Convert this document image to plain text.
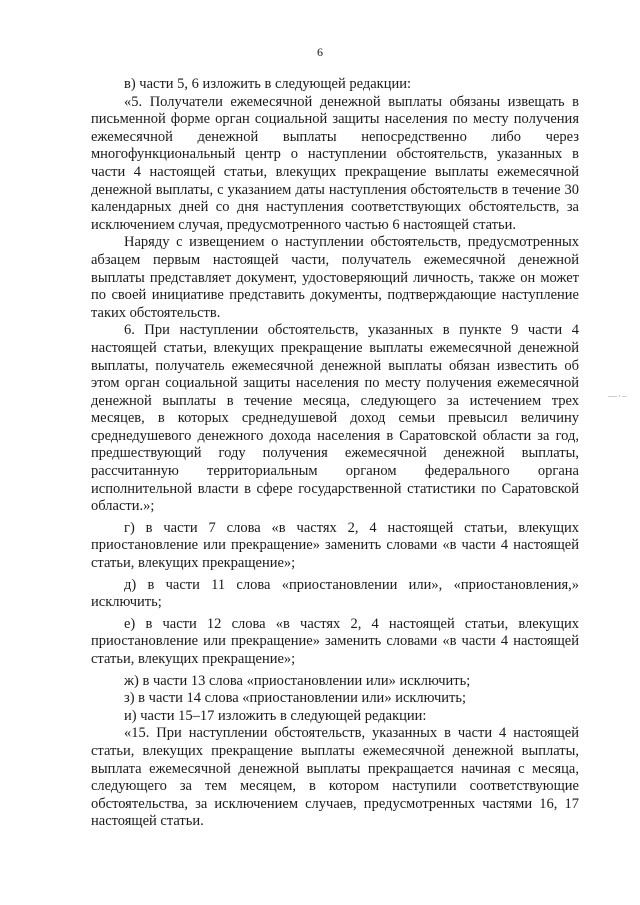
6
—·–

в) части 5, 6 изложить в следующей редакции:

«5. Получатели ежемесячной денежной выплаты обязаны извещать в письменной форме орган социальной защиты населения по месту получения ежемесячной денежной выплаты непосредственно либо через многофункциональный центр о наступлении обстоятельств, указанных в части 4 настоящей статьи, влекущих прекращение выплаты ежемесячной денежной выплаты, с указанием даты наступления обстоятельств в течение 30 календарных дней со дня наступления соответствующих обстоятельств, за исключением случая, предусмотренного частью 6 настоящей статьи.

Наряду с извещением о наступлении обстоятельств, предусмотренных абзацем первым настоящей части, получатель ежемесячной денежной выплаты представляет документ, удостоверяющий личность, также он может по своей инициативе представить документы, подтверждающие наступление таких обстоятельств.

6. При наступлении обстоятельств, указанных в пункте 9 части 4 настоящей статьи, влекущих прекращение выплаты ежемесячной денежной выплаты, получатель ежемесячной денежной выплаты обязан известить об этом орган социальной защиты населения по месту получения ежемесячной денежной выплаты в течение месяца, следующего за истечением трех месяцев, в которых среднедушевой доход семьи превысил величину среднедушевого денежного дохода населения в Саратовской области за год, предшествующий году получения ежемесячной денежной выплаты, рассчитанную территориальным органом федерального органа исполнительной власти в сфере государственной статистики по Саратовской области.»;

г) в части 7 слова «в частях 2, 4 настоящей статьи, влекущих приостановление или прекращение» заменить словами «в части 4 настоящей статьи, влекущих прекращение»;

д) в части 11 слова «приостановлении или», «приостановления,» исключить;

е) в части 12 слова «в частях 2, 4 настоящей статьи, влекущих приостановление или прекращение» заменить словами «в части 4 настоящей статьи, влекущих прекращение»;

ж) в части 13 слова «приостановлении или» исключить;

з) в части 14 слова «приостановлении или» исключить;

и) части 15–17 изложить в следующей редакции:

«15. При наступлении обстоятельств, указанных в части 4 настоящей статьи, влекущих прекращение выплаты ежемесячной денежной выплаты, выплата ежемесячной денежной выплаты прекращается начиная с месяца, следующего за тем месяцем, в котором наступили соответствующие обстоятельства, за исключением случаев, предусмотренных частями 16, 17 настоящей статьи.
